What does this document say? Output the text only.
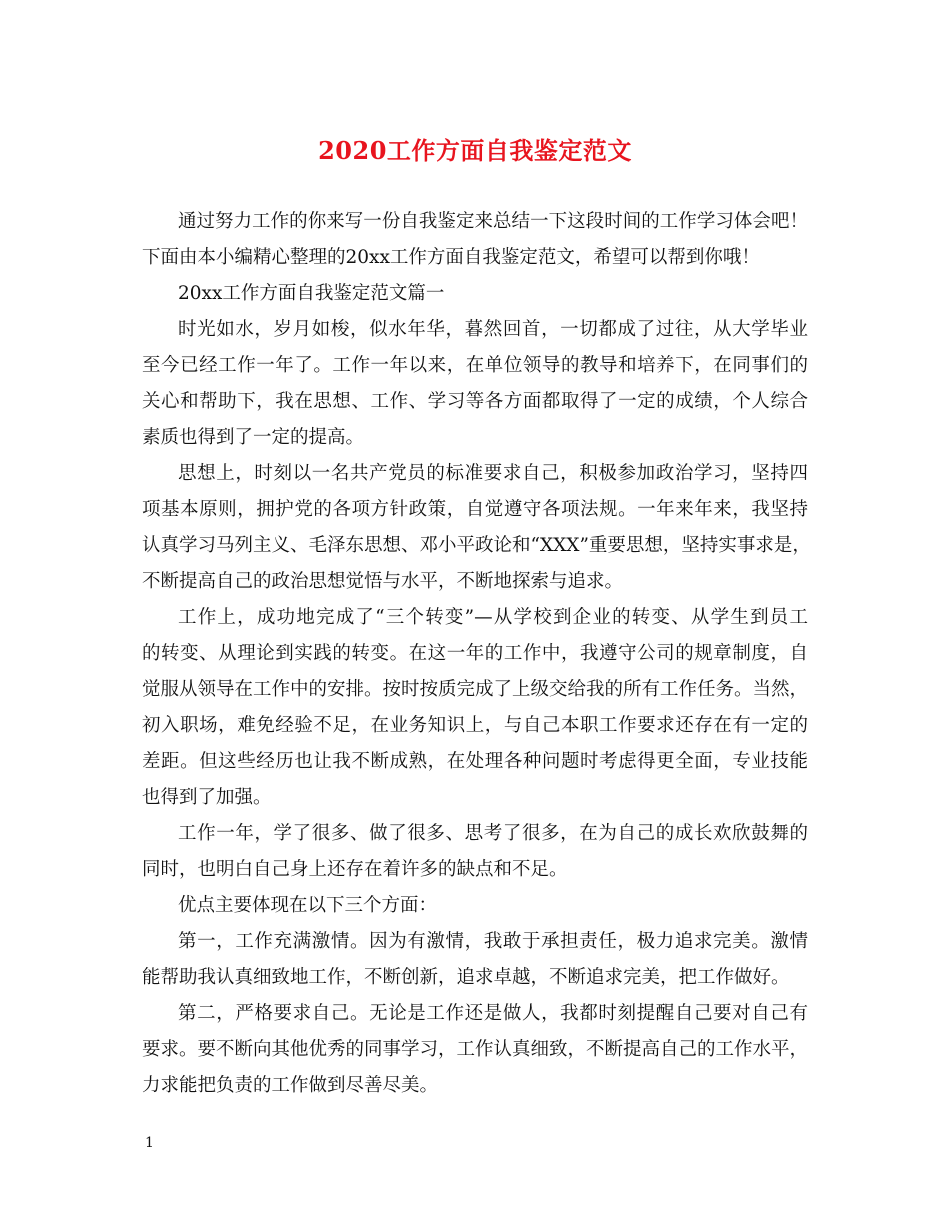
2020工作方面自我鉴定范文
通过努力工作的你来写一份自我鉴定来总结一下这段时间的工作学习体会吧！
下面由本小编精心整理的20xx工作方面自我鉴定范文，希望可以帮到你哦！
20xx工作方面自我鉴定范文篇一
时光如水，岁月如梭，似水年华，暮然回首，一切都成了过往，从大学毕业
至今已经工作一年了。工作一年以来，在单位领导的教导和培养下，在同事们的
关心和帮助下，我在思想、工作、学习等各方面都取得了一定的成绩，个人综合
素质也得到了一定的提高。
思想上，时刻以一名共产党员的标准要求自己，积极参加政治学习，坚持四
项基本原则，拥护党的各项方针政策，自觉遵守各项法规。一年来年来，我坚持
认真学习马列主义、毛泽东思想、邓小平政论和“XXX”重要思想，坚持实事求是，
不断提高自己的政治思想觉悟与水平，不断地探索与追求。
工作上，成功地完成了“三个转变”—从学校到企业的转变、从学生到员工
的转变、从理论到实践的转变。在这一年的工作中，我遵守公司的规章制度，自
觉服从领导在工作中的安排。按时按质完成了上级交给我的所有工作任务。当然，
初入职场，难免经验不足，在业务知识上，与自己本职工作要求还存在有一定的
差距。但这些经历也让我不断成熟，在处理各种问题时考虑得更全面，专业技能
也得到了加强。
工作一年，学了很多、做了很多、思考了很多，在为自己的成长欢欣鼓舞的
同时，也明白自己身上还存在着许多的缺点和不足。
优点主要体现在以下三个方面：
第一，工作充满激情。因为有激情，我敢于承担责任，极力追求完美。激情
能帮助我认真细致地工作，不断创新，追求卓越，不断追求完美，把工作做好。
第二，严格要求自己。无论是工作还是做人，我都时刻提醒自己要对自己有
要求。要不断向其他优秀的同事学习，工作认真细致，不断提高自己的工作水平，
力求能把负责的工作做到尽善尽美。
1
